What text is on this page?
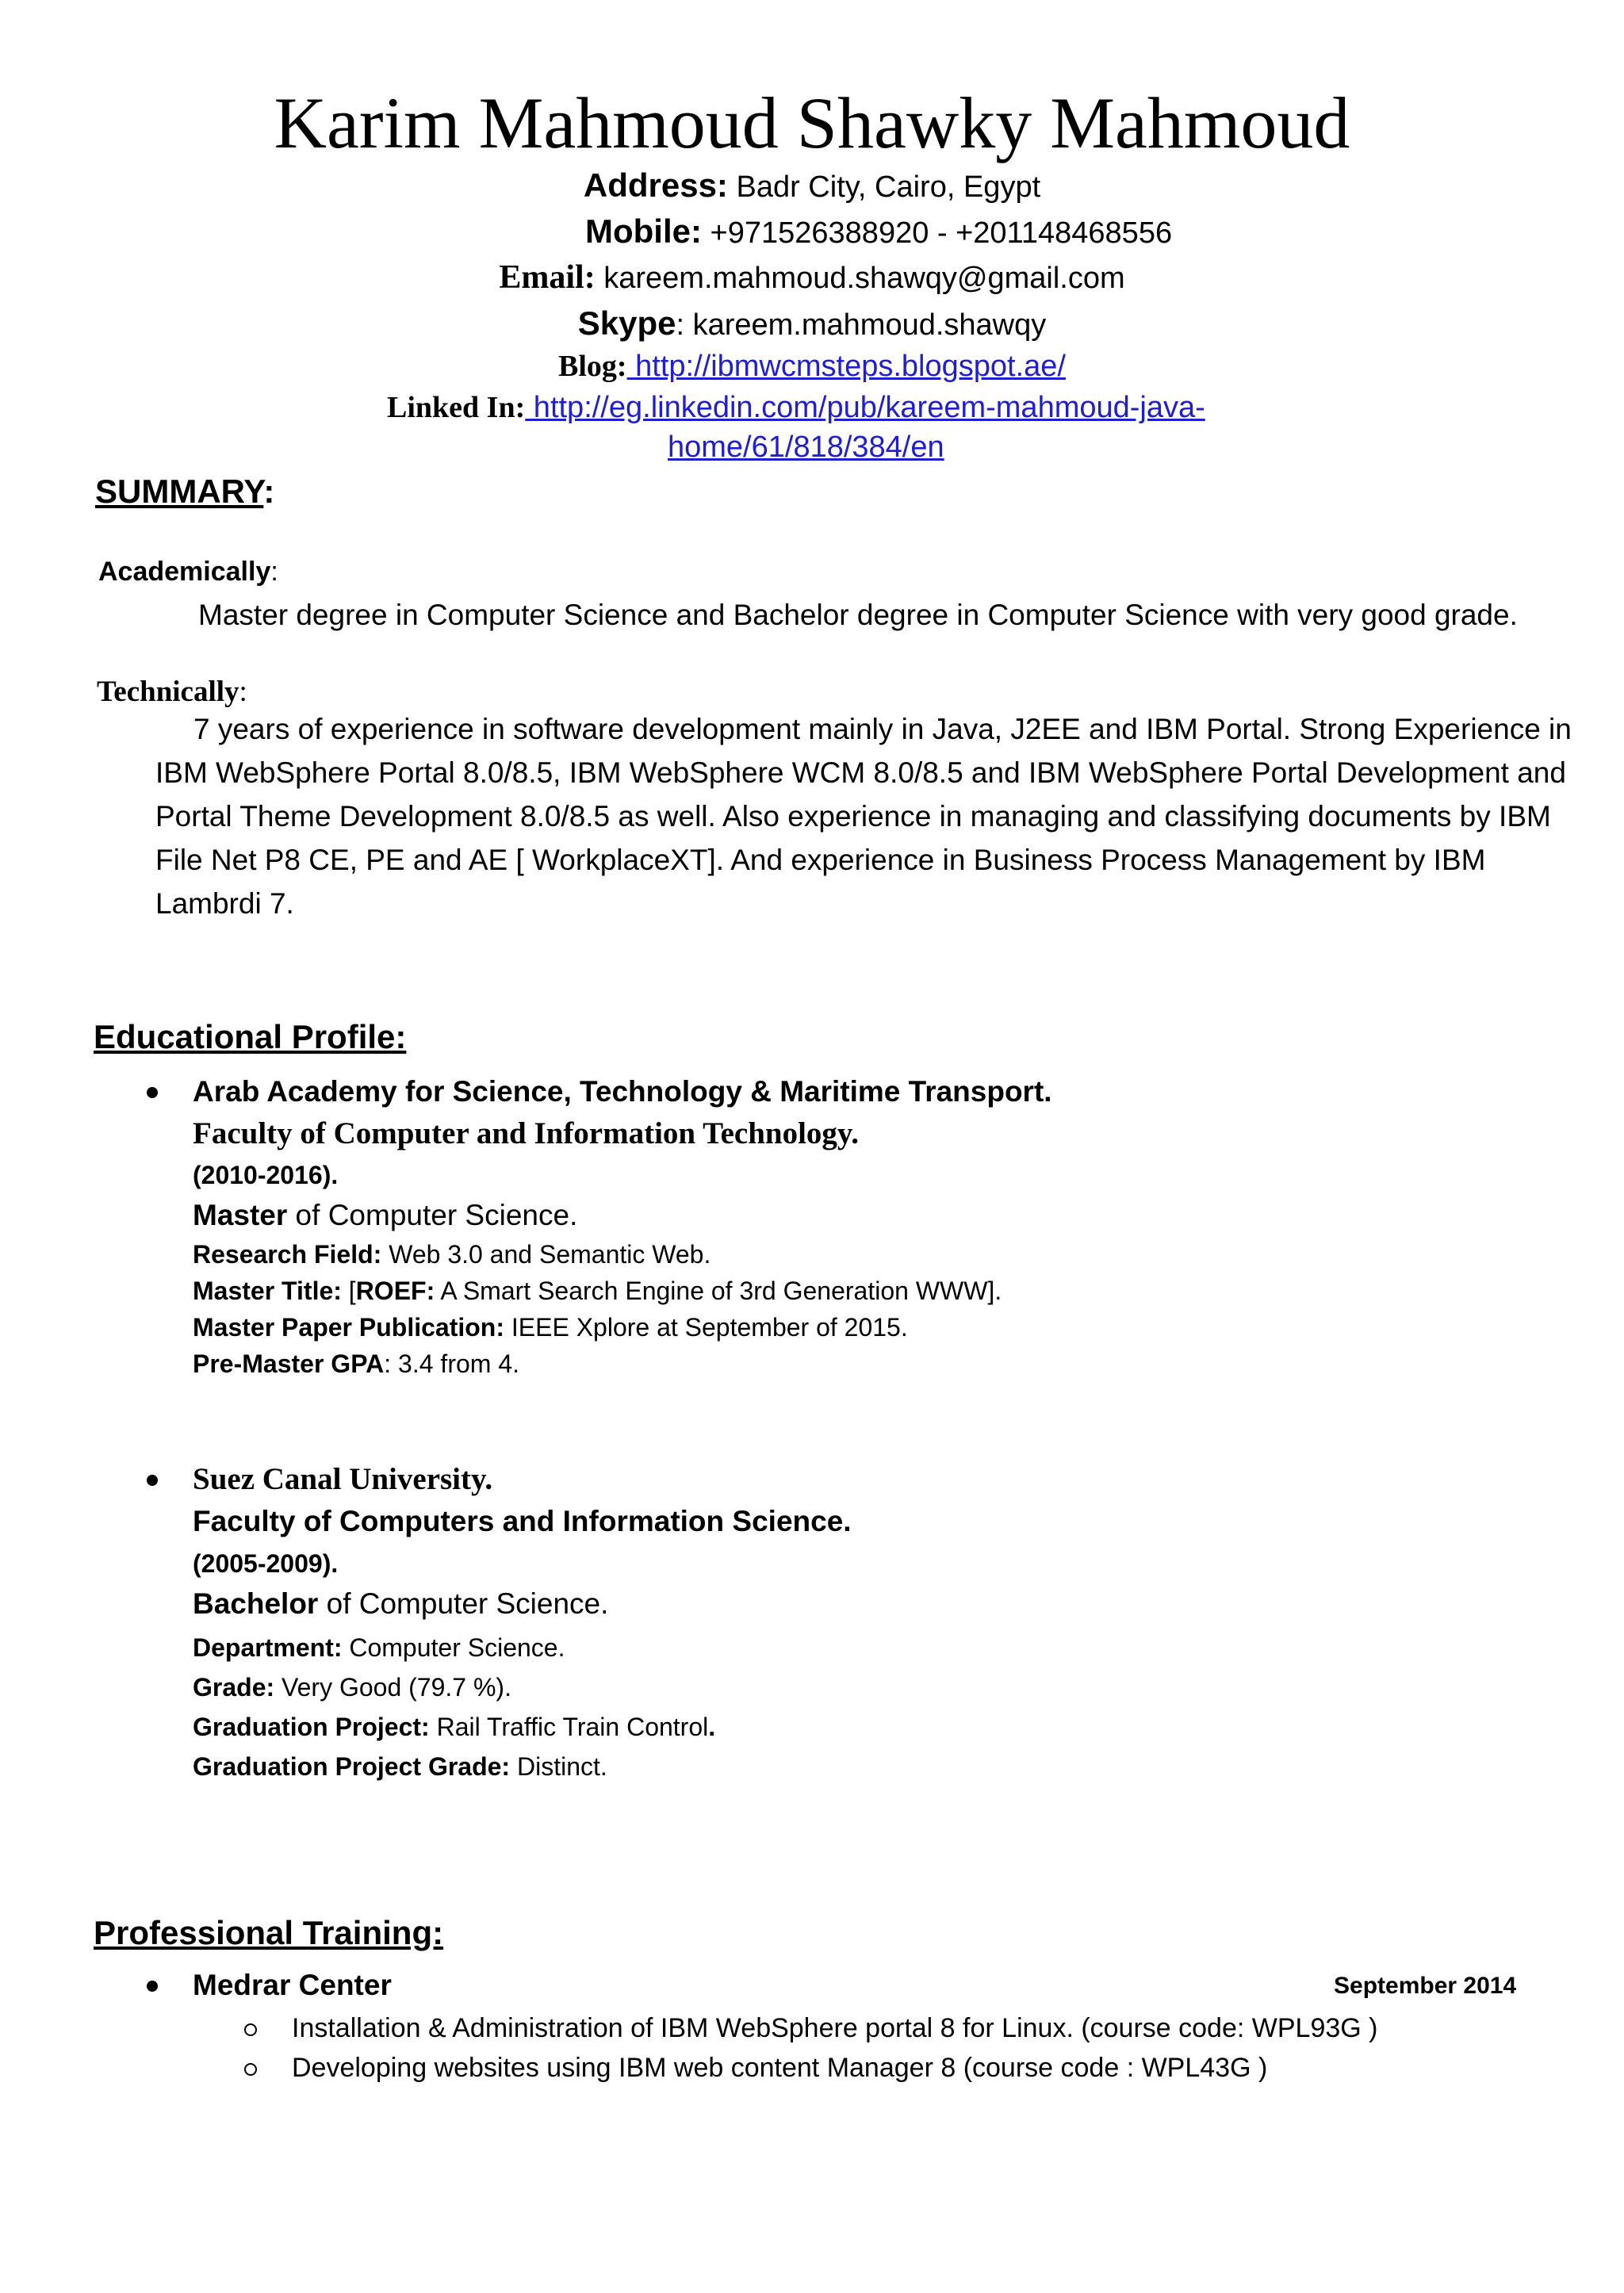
Karim Mahmoud Shawky Mahmoud
Address: Badr City, Cairo, Egypt
Mobile: +971526388920 - +201148468556
Email: kareem.mahmoud.shawqy@gmail.com
Skype: kareem.mahmoud.shawqy
Blog: http://ibmwcmsteps.blogspot.ae/
Linked In: http://eg.linkedin.com/pub/kareem-mahmoud-java-
home/61/818/384/en
SUMMARY:
Academically:
Master degree in Computer Science and Bachelor degree in Computer Science with very good grade.
Technically:
7 years of experience in software development mainly in Java, J2EE and IBM Portal. Strong Experience in IBM WebSphere Portal 8.0/8.5, IBM WebSphere WCM 8.0/8.5 and IBM WebSphere Portal Development and Portal Theme Development 8.0/8.5 as well. Also experience in managing and classifying documents by IBM File Net P8 CE, PE and AE [ WorkplaceXT]. And experience in Business Process Management by IBM Lambrdi 7.
Educational Profile:
Arab Academy for Science, Technology & Maritime Transport.
Faculty of Computer and Information Technology.
(2010-2016).
Master of Computer Science.
Research Field: Web 3.0 and Semantic Web.
Master Title: [ROEF: A Smart Search Engine of 3rd Generation WWW].
Master Paper Publication: IEEE Xplore at September of 2015.
Pre-Master GPA: 3.4 from 4.
Suez Canal University.
Faculty of Computers and Information Science.
(2005-2009).
Bachelor of Computer Science.
Department: Computer Science.
Grade: Very Good (79.7 %).
Graduation Project: Rail Traffic Train Control.
Graduation Project Grade: Distinct.
Professional Training:
Medrar Center	September 2014
Installation & Administration of IBM WebSphere portal 8 for Linux. (course code: WPL93G )
Developing websites using IBM web content Manager 8 (course code : WPL43G )
